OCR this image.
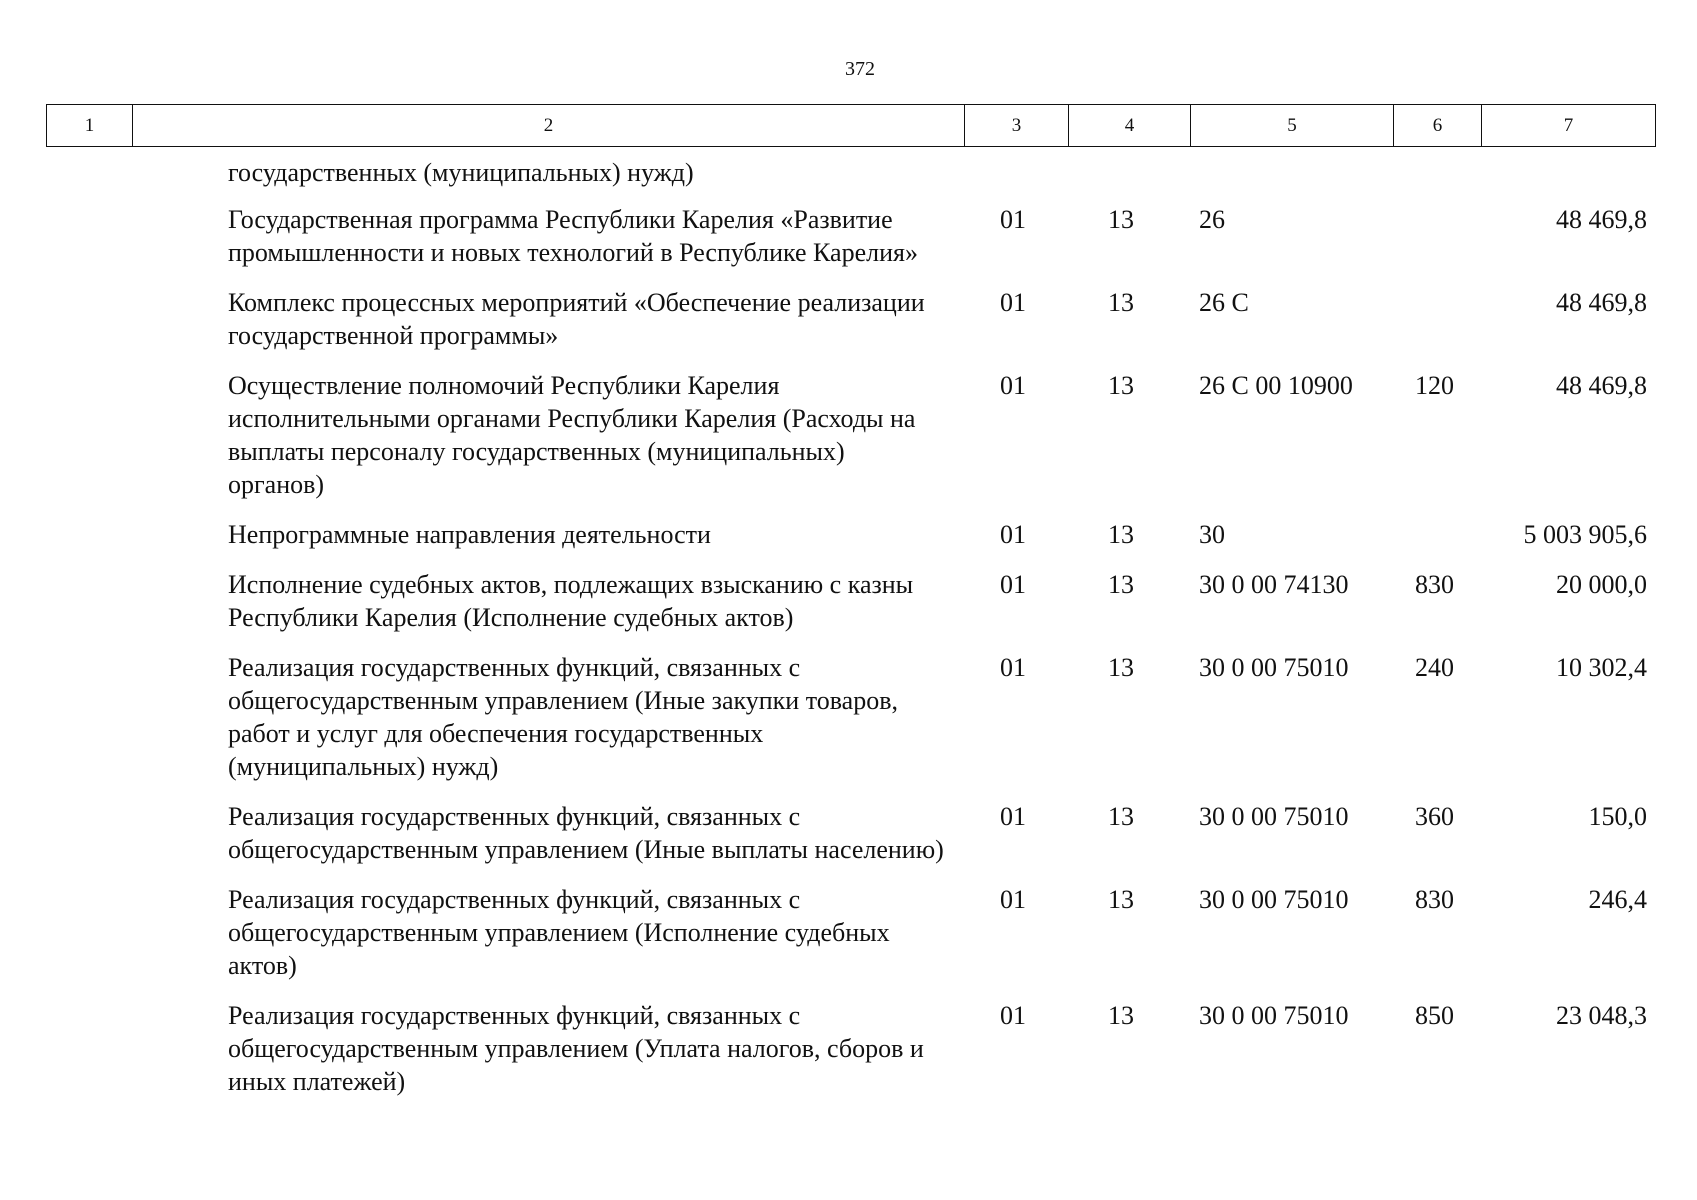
372
1	2	3	4	5	6	7
	государственных (муниципальных) нужд)					
	Государственная программа Республики Карелия «Развитие промышленности и новых технологий в Республике Карелия»	01	13	26		48 469,8
	Комплекс процессных мероприятий «Обеспечение реализации государственной программы»	01	13	26 С		48 469,8
	Осуществление полномочий Республики Карелия исполнительными органами Республики Карелия (Расходы на выплаты персоналу государственных (муниципальных) органов)	01	13	26 С 00 10900	120	48 469,8
	Непрограммные направления деятельности	01	13	30		5 003 905,6
	Исполнение судебных актов, подлежащих взысканию с казны Республики Карелия (Исполнение судебных актов)	01	13	30 0 00 74130	830	20 000,0
	Реализация государственных функций, связанных с общегосударственным управлением (Иные закупки товаров, работ и услуг для обеспечения государственных (муниципальных) нужд)	01	13	30 0 00 75010	240	10 302,4
	Реализация государственных функций, связанных с общегосударственным управлением (Иные выплаты населению)	01	13	30 0 00 75010	360	150,0
	Реализация государственных функций, связанных с общегосударственным управлением (Исполнение судебных актов)	01	13	30 0 00 75010	830	246,4
	Реализация государственных функций, связанных с общегосударственным управлением (Уплата налогов, сборов и иных платежей)	01	13	30 0 00 75010	850	23 048,3
